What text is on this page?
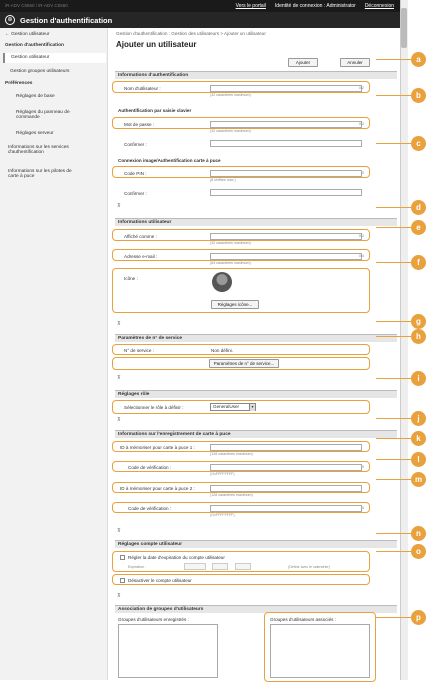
iR-ADV C5560 / iR-ADV C5560	Vers le portail Identité de connexion : Administrator Déconnexion
⊕ Gestion d'authentification
← Gestion utilisateur
Gestion d'authentification
Gestion utilisateur
Gestion groupes utilisateurs
Préférences
Réglages de base
Réglages du panneau de
commande
Réglages serveur
Informations sur les services
d'authentification
Informations sur les pilotes de
carte à puce
Gestion d'authentification : Gestion des utilisateurs > Ajouter un utilisateur
Ajouter un utilisateur
Ajouter	Annuler
Informations d'authentification
Nom d'utilisateur :	0/2
(32 caractères maximum)
Authentification par saisie clavier
Mot de passe :	0/2
(32 caractères maximum)
Confirmer :
Connexion image/Authentification carte à puce
Code PIN :	0
(8 chiffres max.)
Confirmer :
⊼
Informations utilisateur
Affiché comme :	0/2
(32 caractères maximum)
Adresse e-mail :	0/4
(64 caractères maximum)
Icône :
Réglages icône...
⊼
Paramètres de n° de service
N° de service :	Non défini.
Paramètres de n° de service...
⊼
Réglages rôle
Sélectionner le rôle à définir :	GeneralUser	▾
⊼
Informations sur l'enregistrement de carte à puce
ID à mémoriser pour carte à puce 1 :
(128 caractères maximum)
Code de vérification :	0
(OxFFFFFFFF)
ID à mémoriser pour carte à puce 2 :
(128 caractères maximum)
Code de vérification :	0
(OxFFFFFFFF)
⊼
Réglages compte utilisateur
Régler la date d'expiration du compte utilisateur
Expiration :	(Définir avec le calendrier)
Désactiver le compte utilisateur
⊼
Association de groupes d'utilisateurs
Groupes d'utilisateurs enregistrés :	Groupes d'utilisateurs associés :
a
b
c
d
e
f
g
h
i
j
k
l
m
n
o
p
